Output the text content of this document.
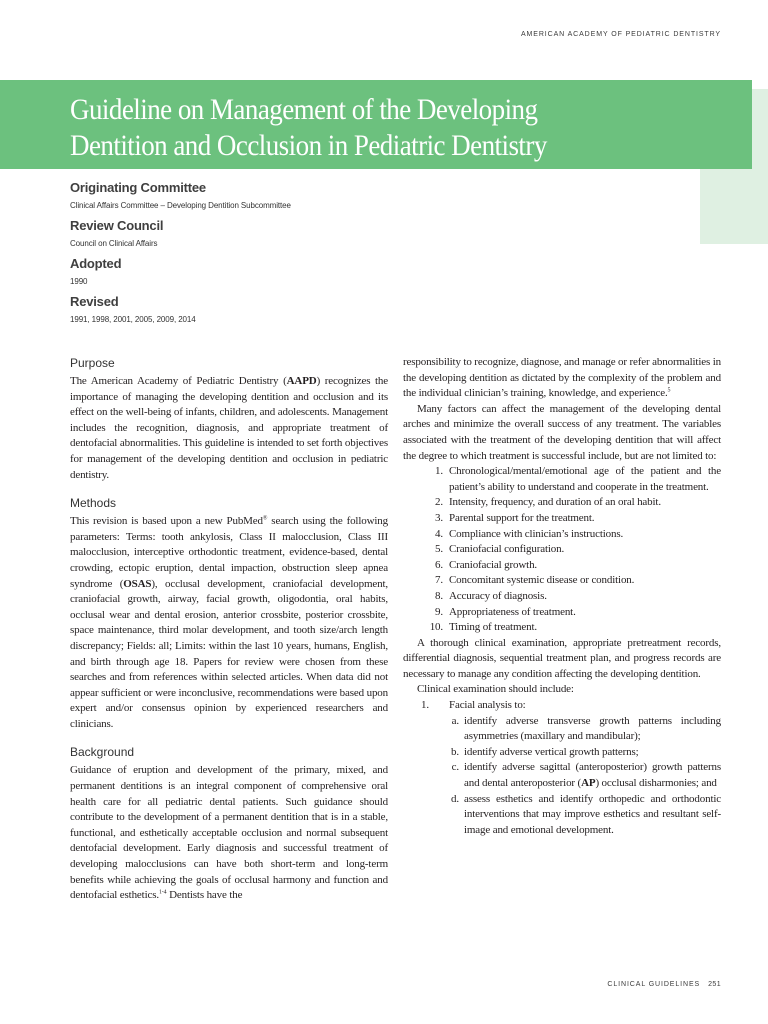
AMERICAN ACADEMY OF PEDIATRIC DENTISTRY
Guideline on Management of the Developing
Dentition and Occlusion in Pediatric Dentistry
Originating Committee
Clinical Affairs Committee – Developing Dentition Subcommittee
Review Council
Council on Clinical Affairs
Adopted
1990
Revised
1991, 1998, 2001, 2005, 2009, 2014
Purpose

The American Academy of Pediatric Dentistry (AAPD) recognizes the importance of managing the developing dentition and occlusion and its effect on the well-being of infants, children, and adolescents. Management includes the recognition, diagnosis, and appropriate treatment of dentofacial abnormalities. This guideline is intended to set forth objectives for management of the developing dentition and occlusion in pediatric dentistry.

Methods

This revision is based upon a new PubMed® search using the following parameters: Terms: tooth ankylosis, Class II malocclusion, Class III malocclusion, interceptive orthodontic treatment, evidence-based, dental crowding, ectopic eruption, dental impaction, obstruction sleep apnea syndrome (OSAS), occlusal development, craniofacial development, craniofacial growth, airway, facial growth, oligodontia, oral habits, occlusal wear and dental erosion, anterior crossbite, posterior crossbite, space maintenance, third molar development, and tooth size/arch length discrepancy; Fields: all; Limits: within the last 10 years, humans, English, and birth through age 18. Papers for review were chosen from these searches and from references within selected articles. When data did not appear sufficient or were inconclusive, recommendations were based upon expert and/or consensus opinion by experienced researchers and clinicians.

Background

Guidance of eruption and development of the primary, mixed, and permanent dentitions is an integral component of comprehensive oral health care for all pediatric dental patients. Such guidance should contribute to the development of a permanent dentition that is in a stable, functional, and esthetically acceptable occlusion and normal subsequent dentofacial development. Early diagnosis and successful treatment of developing malocclusions can have both short-term and long-term benefits while achieving the goals of occlusal harmony and function and dentofacial esthetics.$^{1-4}$ Dentists have the

responsibility to recognize, diagnose, and manage or refer abnormalities in the developing dentition as dictated by the complexity of the problem and the individual clinician’s training, knowledge, and experience.$^5$

Many factors can affect the management of the developing dental arches and minimize the overall success of any treatment. The variables associated with the treatment of the developing dentition that will affect the degree to which treatment is successful include, but are not limited to:

1. Chronological/mental/emotional age of the patient and the patient’s ability to understand and cooperate in the treatment.
2. Intensity, frequency, and duration of an oral habit.
3. Parental support for the treatment.
4. Compliance with clinician’s instructions.
5. Craniofacial configuration.
6. Craniofacial growth.
7. Concomitant systemic disease or condition.
8. Accuracy of diagnosis.
9. Appropriateness of treatment.
10. Timing of treatment.

A thorough clinical examination, appropriate pretreatment records, differential diagnosis, sequential treatment plan, and progress records are necessary to manage any condition affecting the developing dentition.

Clinical examination should include:

1. Facial analysis to:
a. identify adverse transverse growth patterns including asymmetries (maxillary and mandibular);
b. identify adverse vertical growth patterns;
c. identify adverse sagittal (anteroposterior) growth patterns and dental anteroposterior (AP) occlusal disharmonies; and
d. assess esthetics and identify orthopedic and orthodontic interventions that may improve esthetics and resultant self-image and emotional development.
CLINICAL GUIDELINES 251
